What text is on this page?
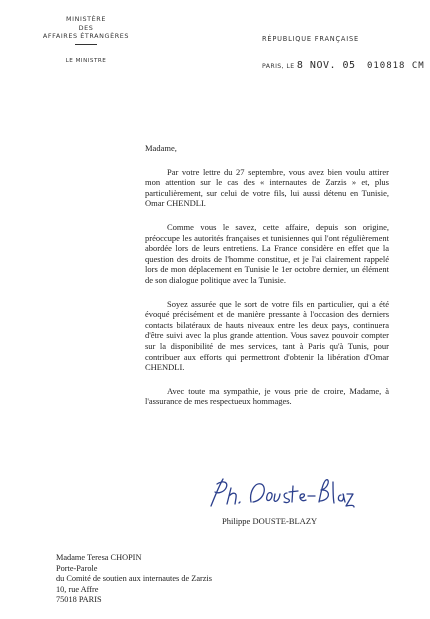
MINISTÈRE
DES
AFFAIRES ÉTRANGÈRES
LE MINISTRE
RÉPUBLIQUE FRANÇAISE
PARIS, LE 8 NOV. 05 010818 CM

Madame,

Par votre lettre du 27 septembre, vous avez bien voulu attirer mon attention sur le cas des « internautes de Zarzis » et, plus particulièrement, sur celui de votre fils, lui aussi détenu en Tunisie, Omar CHENDLI.

Comme vous le savez, cette affaire, depuis son origine, préoccupe les autorités françaises et tunisiennes qui l'ont régulièrement abordée lors de leurs entretiens. La France considère en effet que la question des droits de l'homme constitue, et je l'ai clairement rappelé lors de mon déplacement en Tunisie le 1er octobre dernier, un élément de son dialogue politique avec la Tunisie.

Soyez assurée que le sort de votre fils en particulier, qui a été évoqué précisément et de manière pressante à l'occasion des derniers contacts bilatéraux de hauts niveaux entre les deux pays, continuera d'être suivi avec la plus grande attention. Vous savez pouvoir compter sur la disponibilité de mes services, tant à Paris qu'à Tunis, pour contribuer aux efforts qui permettront d'obtenir la libération d'Omar CHENDLI.

Avec toute ma sympathie, je vous prie de croire, Madame, à l'assurance de mes respectueux hommages.

Ph. Douste-Blazy
Philippe DOUSTE-BLAZY
Madame Teresa CHOPIN
Porte-Parole
du Comité de soutien aux internautes de Zarzis
10, rue Affre
75018 PARIS
